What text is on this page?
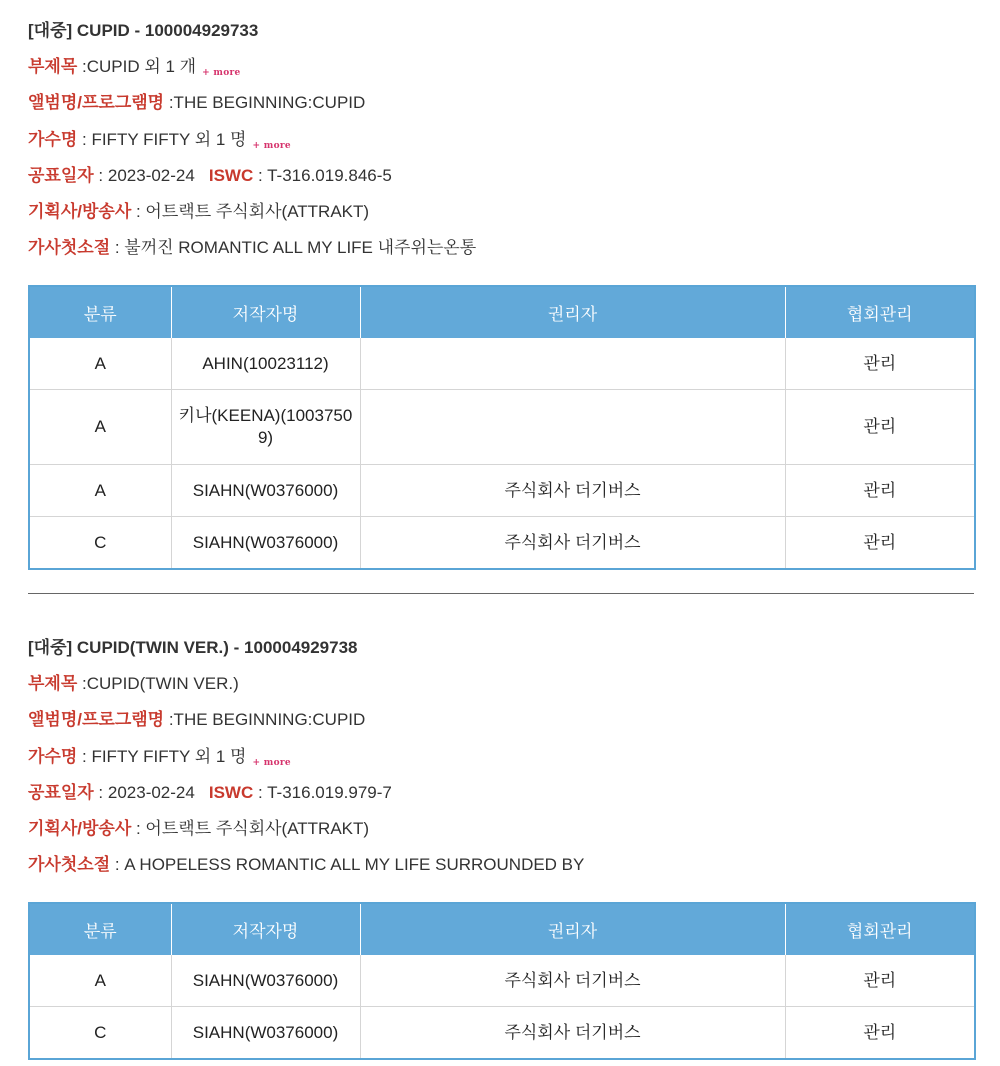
[대중] CUPID - 100004929733
부제목 :CUPID 외 1 개 + more
앨범명/프로그램명 :THE BEGINNING:CUPID
가수명 : FIFTY FIFTY 외 1 명 + more
공표일자 : 2023-02-24 ISWC : T-316.019.846-5
기획사/방송사 : 어트랙트 주식회사(ATTRAKT)
가사첫소절 : 불꺼진 ROMANTIC ALL MY LIFE 내주위는온통
분류	저작자명	권리자	협회관리
A	AHIN(10023112)		관리
A	키나(KEENA)(10037509)		관리
A	SIAHN(W0376000)	주식회사 더기버스	관리
C	SIAHN(W0376000)	주식회사 더기버스	관리
[대중] CUPID(TWIN VER.) - 100004929738
부제목 :CUPID(TWIN VER.)
앨범명/프로그램명 :THE BEGINNING:CUPID
가수명 : FIFTY FIFTY 외 1 명 + more
공표일자 : 2023-02-24 ISWC : T-316.019.979-7
기획사/방송사 : 어트랙트 주식회사(ATTRAKT)
가사첫소절 : A HOPELESS ROMANTIC ALL MY LIFE SURROUNDED BY
분류	저작자명	권리자	협회관리
A	SIAHN(W0376000)	주식회사 더기버스	관리
C	SIAHN(W0376000)	주식회사 더기버스	관리
